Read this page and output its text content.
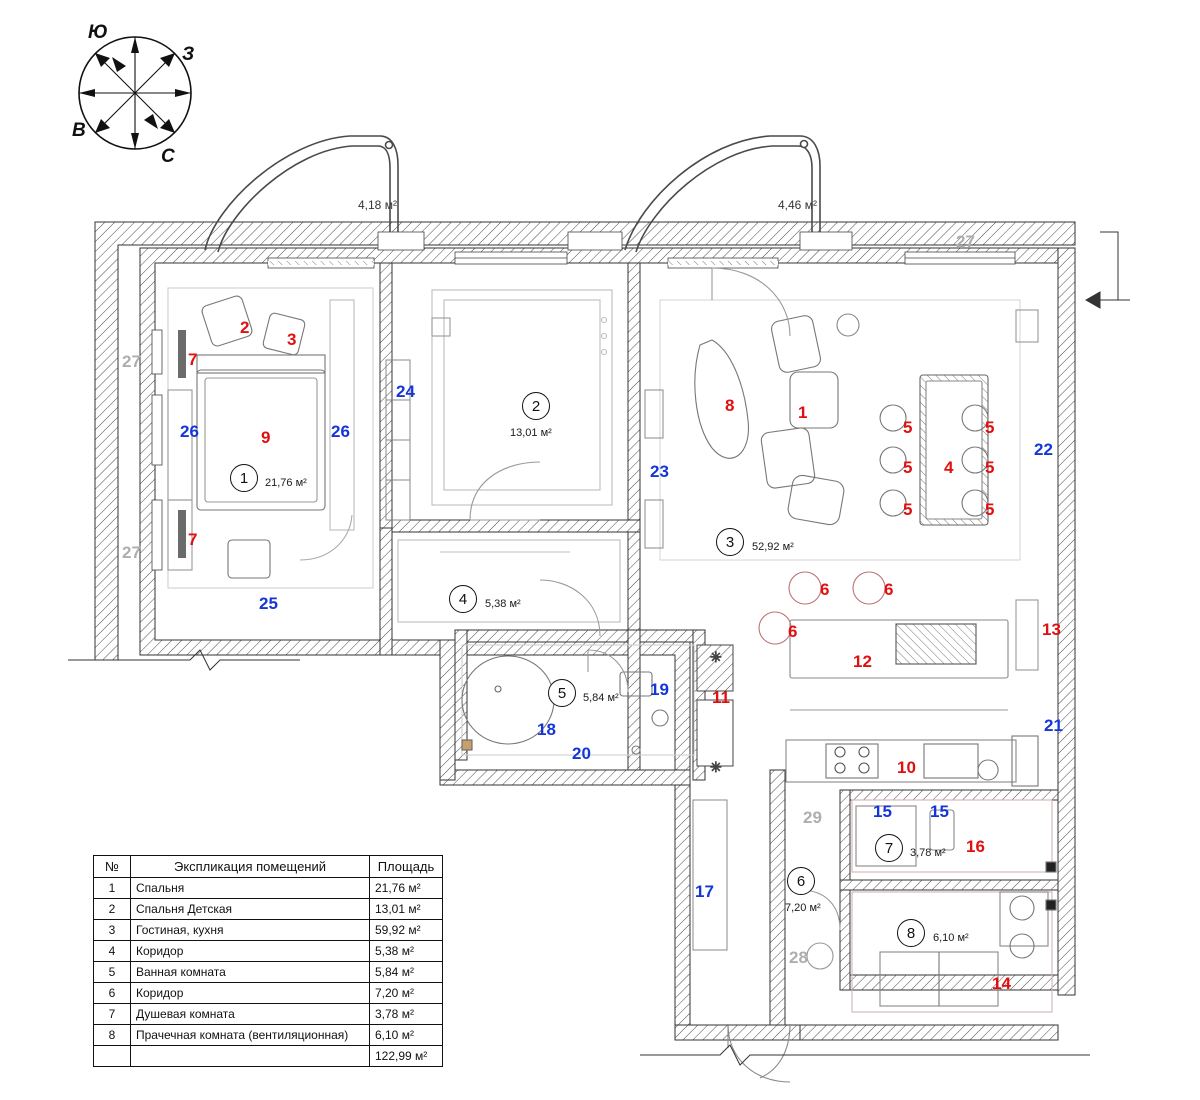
✳
✳
Ю
З
В
С
4,18 м²	4,46 м²
1	21,76 м²
2
13,01 м²
3	52,92 м²
4	5,38 м²
5	5,84 м²
6
7,20 м²
7	3,78 м²
8	6,10 м²
2
3
7
9
7
8	1
5	5
5 4 5
5	5
6	6
6
12
13
11
10
14
16
24
26	26
23
22
25
19
18
20
21
15 15
17
27
27
27
29
28
№	Экспликация помещений	Площадь
1	Спальня	21,76 м²
2	Спальня Детская	13,01 м²
3	Гостиная, кухня	59,92 м²
4	Коридор	5,38 м²
5	Ванная комната	5,84 м²
6	Коридор	7,20 м²
7	Душевая комната	3,78 м²
8	Прачечная комната (вентиляционная)	6,10 м²
		122,99 м²
